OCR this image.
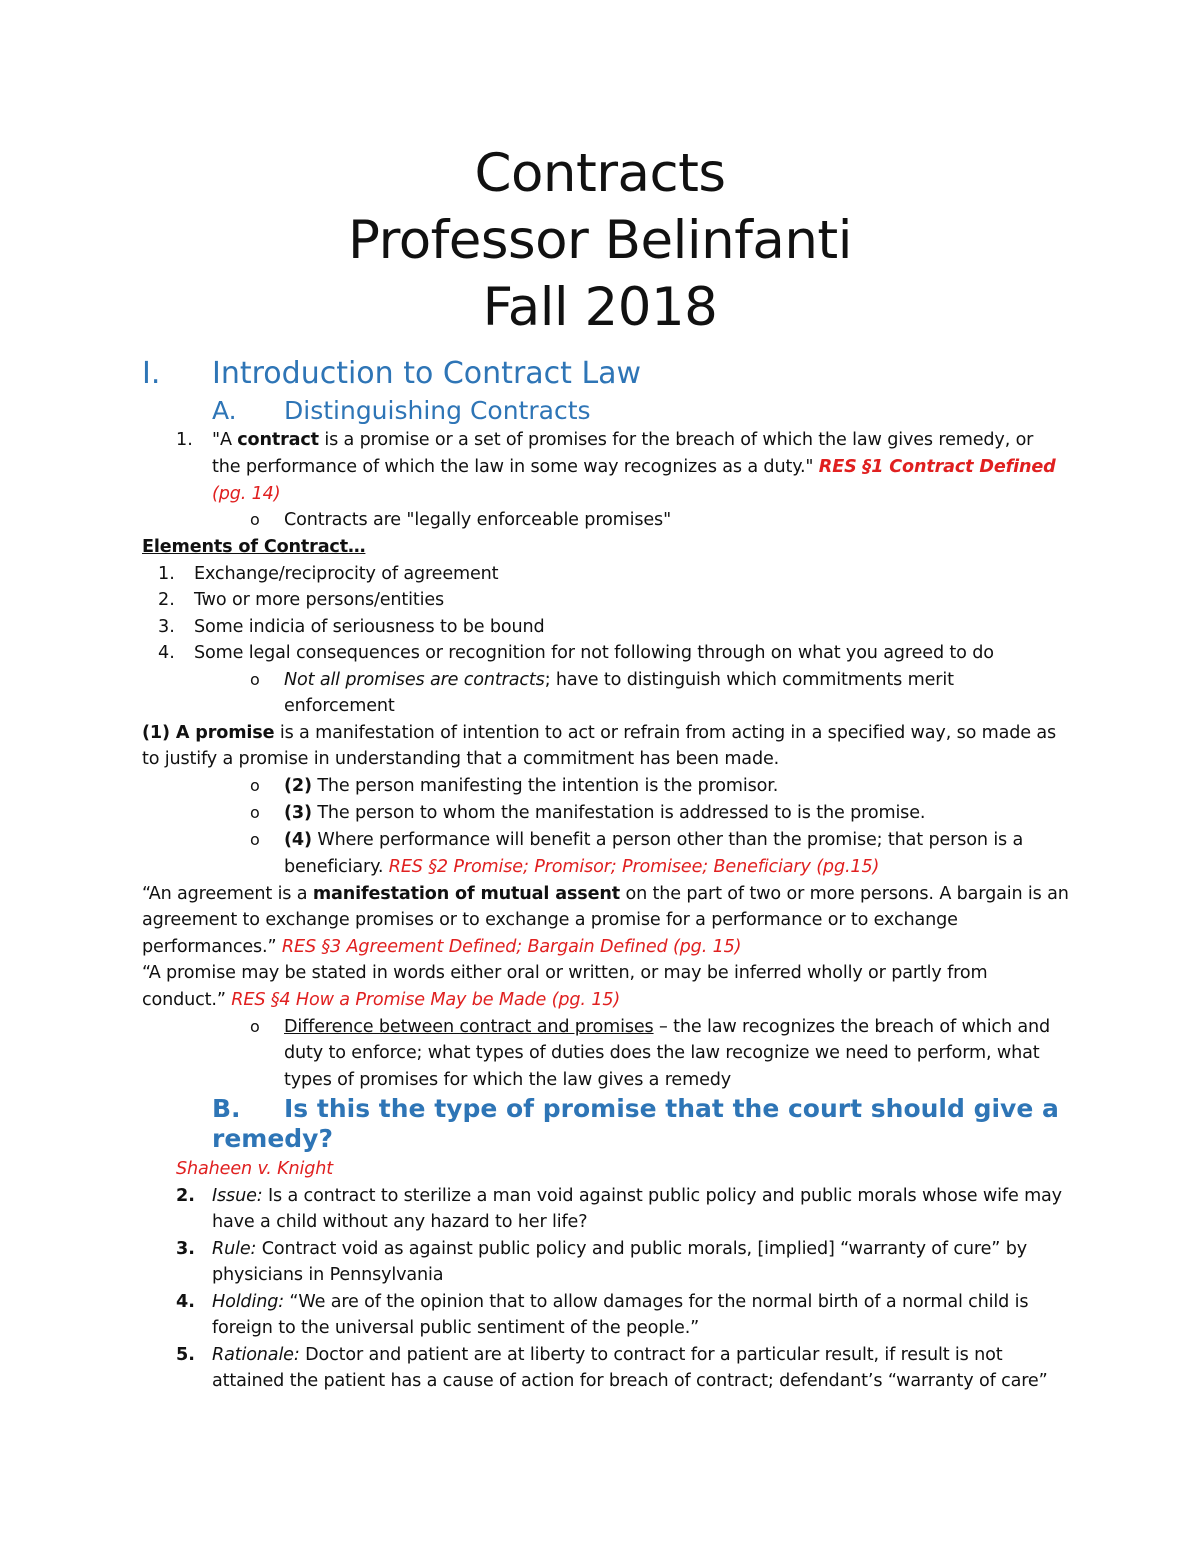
Contracts
Professor Belinfanti
Fall 2018
I. Introduction to Contract Law
A. Distinguishing Contracts
1. "A contract is a promise or a set of promises for the breach of which the law gives remedy, or
the performance of which the law in some way recognizes as a duty." RES §1 Contract Defined
(pg. 14)
o Contracts are "legally enforceable promises"
Elements of Contract…
1. Exchange/reciprocity of agreement
2. Two or more persons/entities
3. Some indicia of seriousness to be bound
4. Some legal consequences or recognition for not following through on what you agreed to do
o Not all promises are contracts; have to distinguish which commitments merit
enforcement
(1) A promise is a manifestation of intention to act or refrain from acting in a specified way, so made as
to justify a promise in understanding that a commitment has been made.
o (2) The person manifesting the intention is the promisor.
o (3) The person to whom the manifestation is addressed to is the promise.
o (4) Where performance will benefit a person other than the promise; that person is a
beneficiary. RES §2 Promise; Promisor; Promisee; Beneficiary (pg.15)
“An agreement is a manifestation of mutual assent on the part of two or more persons. A bargain is an
agreement to exchange promises or to exchange a promise for a performance or to exchange
performances.” RES §3 Agreement Defined; Bargain Defined (pg. 15)
“A promise may be stated in words either oral or written, or may be inferred wholly or partly from
conduct.” RES §4 How a Promise May be Made (pg. 15)
o Difference between contract and promises – the law recognizes the breach of which and
duty to enforce; what types of duties does the law recognize we need to perform, what
types of promises for which the law gives a remedy
B. Is this the type of promise that the court should give a
remedy?
Shaheen v. Knight
2. Issue: Is a contract to sterilize a man void against public policy and public morals whose wife may
have a child without any hazard to her life?
3. Rule: Contract void as against public policy and public morals, [implied] “warranty of cure” by
physicians in Pennsylvania
4. Holding: “We are of the opinion that to allow damages for the normal birth of a normal child is
foreign to the universal public sentiment of the people.”
5. Rationale: Doctor and patient are at liberty to contract for a particular result, if result is not
attained the patient has a cause of action for breach of contract; defendant’s “warranty of care”
